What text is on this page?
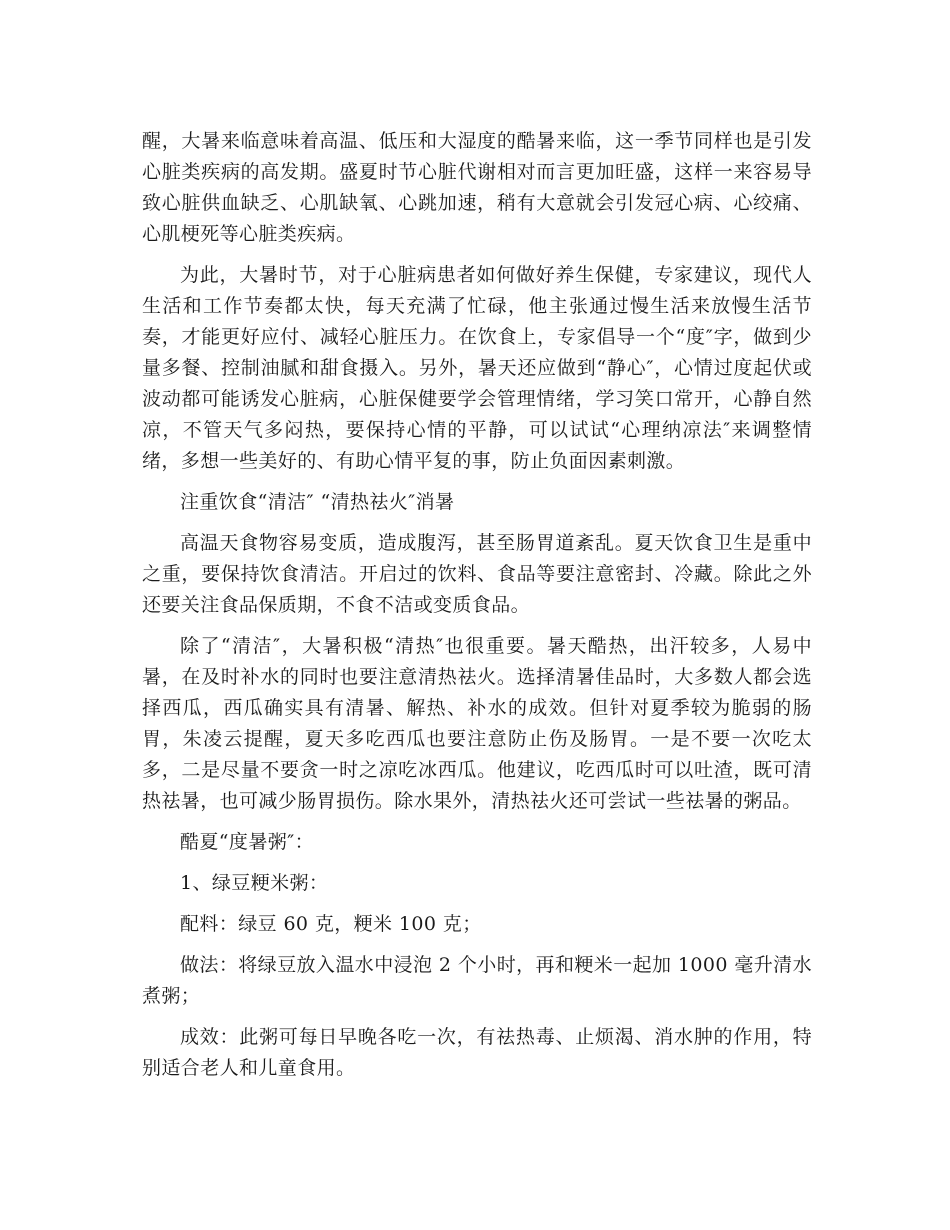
醒，大暑来临意味着高温、低压和大湿度的酷暑来临，这一季节同样也是引发心脏类疾病的高发期。盛夏时节心脏代谢相对而言更加旺盛，这样一来容易导致心脏供血缺乏、心肌缺氧、心跳加速，稍有大意就会引发冠心病、心绞痛、心肌梗死等心脏类疾病。

为此，大暑时节，对于心脏病患者如何做好养生保健，专家建议，现代人生活和工作节奏都太快，每天充满了忙碌，他主张通过慢生活来放慢生活节奏，才能更好应付、减轻心脏压力。在饮食上，专家倡导一个“度″字，做到少量多餐、控制油腻和甜食摄入。另外，暑天还应做到“静心″，心情过度起伏或波动都可能诱发心脏病，心脏保健要学会管理情绪，学习笑口常开，心静自然凉，不管天气多闷热，要保持心情的平静，可以试试“心理纳凉法″来调整情绪，多想一些美好的、有助心情平复的事，防止负面因素刺激。

注重饮食“清洁″ “清热祛火″消暑

高温天食物容易变质，造成腹泻，甚至肠胃道紊乱。夏天饮食卫生是重中之重，要保持饮食清洁。开启过的饮料、食品等要注意密封、冷藏。除此之外还要关注食品保质期，不食不洁或变质食品。

除了“清洁″，大暑积极“清热″也很重要。暑天酷热，出汗较多，人易中暑，在及时补水的同时也要注意清热祛火。选择清暑佳品时，大多数人都会选择西瓜，西瓜确实具有清暑、解热、补水的成效。但针对夏季较为脆弱的肠胃，朱凌云提醒，夏天多吃西瓜也要注意防止伤及肠胃。一是不要一次吃太多，二是尽量不要贪一时之凉吃冰西瓜。他建议，吃西瓜时可以吐渣，既可清热祛暑，也可减少肠胃损伤。除水果外，清热祛火还可尝试一些祛暑的粥品。

酷夏“度暑粥″：

1、绿豆粳米粥：

配料：绿豆 60 克，粳米 100 克；

做法：将绿豆放入温水中浸泡 2 个小时，再和粳米一起加 1000 毫升清水煮粥；

成效：此粥可每日早晚各吃一次，有祛热毒、止烦渴、消水肿的作用，特别适合老人和儿童食用。
